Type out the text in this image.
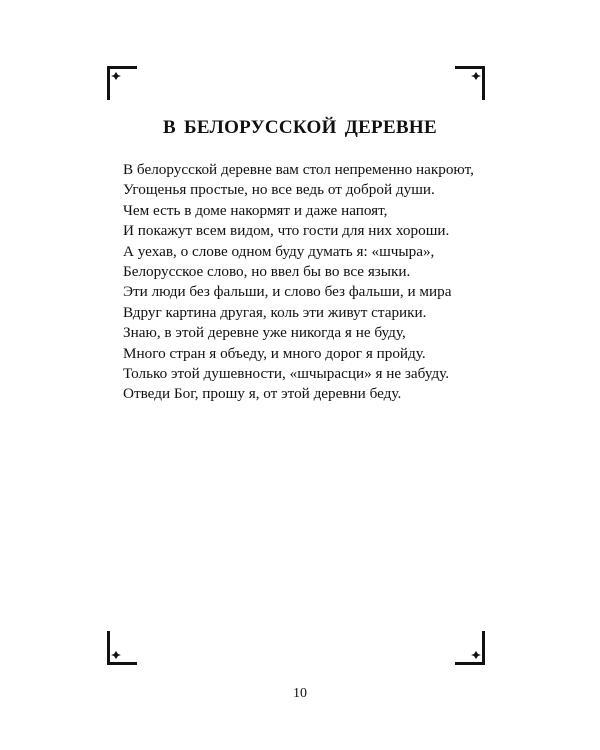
В БЕЛОРУССКОЙ ДЕРЕВНЕ
В белорусской деревне вам стол непременно накроют,
Угощенья простые, но все ведь от доброй души.
Чем есть в доме накормят и даже напоят,
И покажут всем видом, что гости для них хороши.
А уехав, о слове одном буду думать я: «шчыра»,
Белорусское слово, но ввел бы во все языки.
Эти люди без фальши, и слово без фальши, и мира
Вдруг картина другая, коль эти живут старики.
Знаю, в этой деревне уже никогда я не буду,
Много стран я объеду, и много дорог я пройду.
Только этой душевности, «шчырасци» я не забуду.
Отведи Бог, прошу я, от этой деревни беду.
10
